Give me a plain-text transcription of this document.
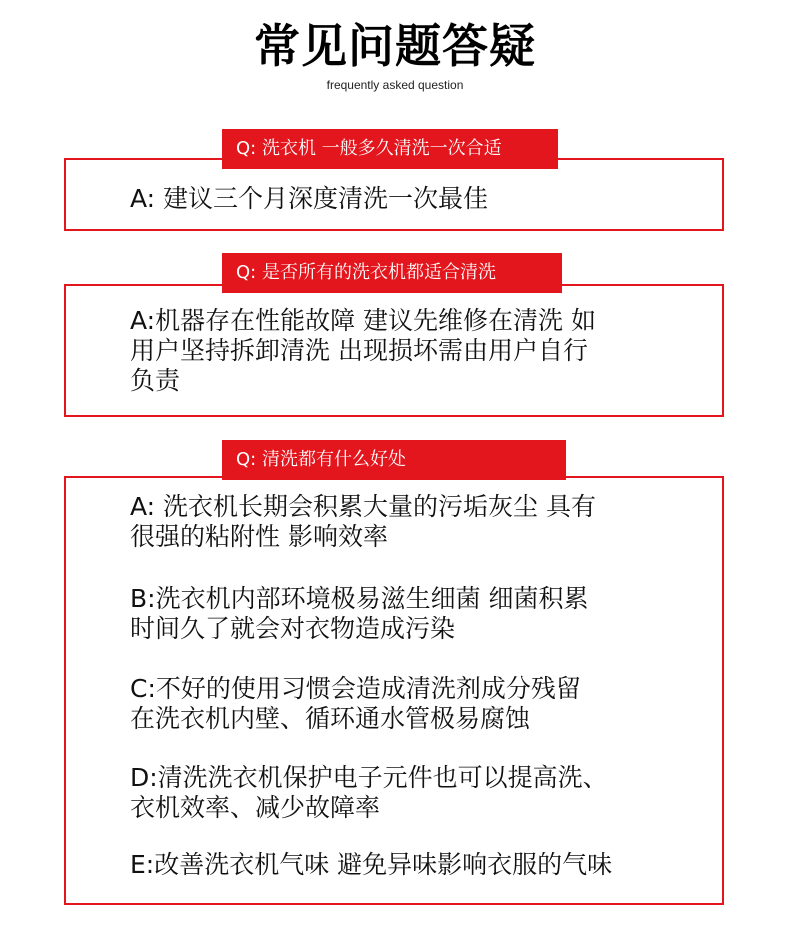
常见问题答疑
frequently asked question
Q: 洗衣机 一般多久清洗一次合适
A: 建议三个月深度清洗一次最佳
Q: 是否所有的洗衣机都适合清洗
A:机器存在性能故障 建议先维修在清洗 如
用户坚持拆卸清洗 出现损坏需由用户自行
负责
Q: 清洗都有什么好处
A: 洗衣机长期会积累大量的污垢灰尘 具有
很强的粘附性 影响效率
B:洗衣机内部环境极易滋生细菌 细菌积累
时间久了就会对衣物造成污染
C:不好的使用习惯会造成清洗剂成分残留
在洗衣机内壁、循环通水管极易腐蚀
D:清洗洗衣机保护电子元件也可以提高洗、
衣机效率、减少故障率
E:改善洗衣机气味 避免异味影响衣服的气味
